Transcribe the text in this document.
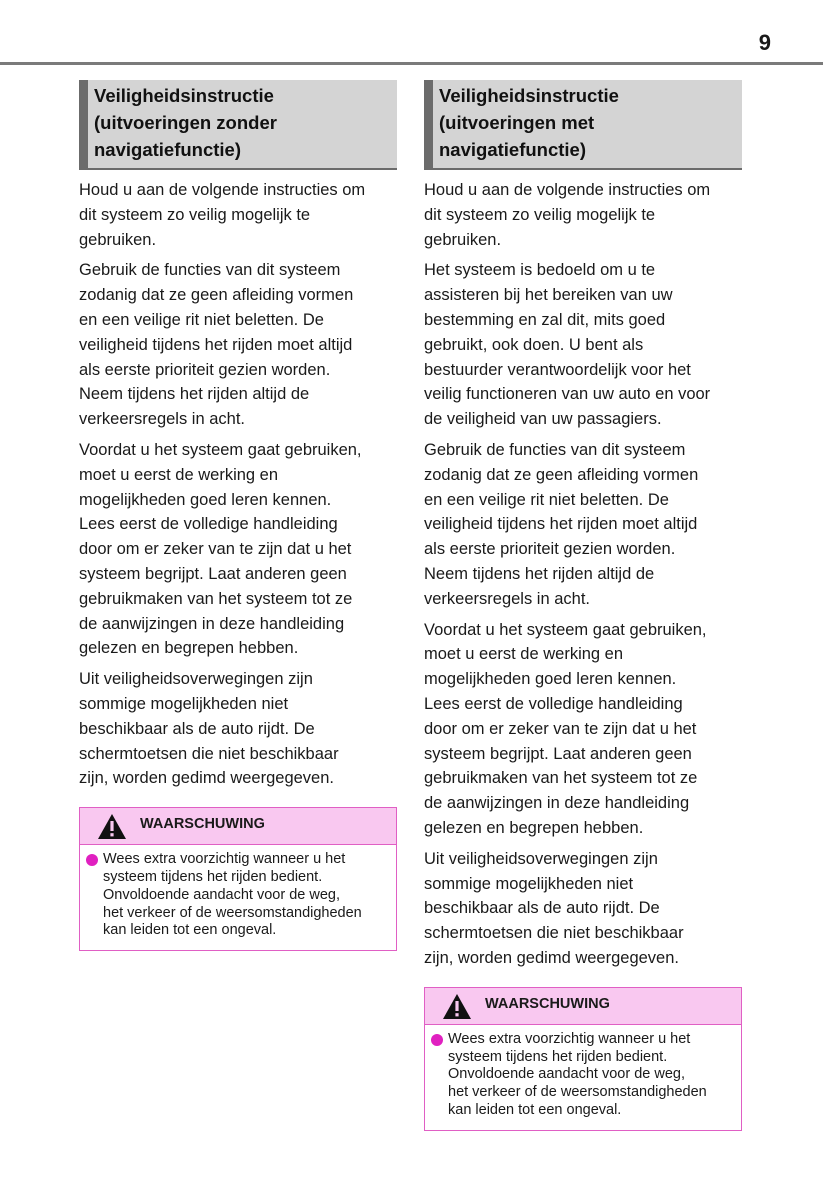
9
Veiligheidsinstructie
(uitvoeringen zonder
navigatiefunctie)

Houd u aan de volgende instructies om
dit systeem zo veilig mogelijk te
gebruiken.

Gebruik de functies van dit systeem
zodanig dat ze geen afleiding vormen
en een veilige rit niet beletten. De
veiligheid tijdens het rijden moet altijd
als eerste prioriteit gezien worden.
Neem tijdens het rijden altijd de
verkeersregels in acht.

Voordat u het systeem gaat gebruiken,
moet u eerst de werking en
mogelijkheden goed leren kennen.
Lees eerst de volledige handleiding
door om er zeker van te zijn dat u het
systeem begrijpt. Laat anderen geen
gebruikmaken van het systeem tot ze
de aanwijzingen in deze handleiding
gelezen en begrepen hebben.

Uit veiligheidsoverwegingen zijn
sommige mogelijkheden niet
beschikbaar als de auto rijdt. De
schermtoetsen die niet beschikbaar
zijn, worden gedimd weergegeven.

WAARSCHUWING
Wees extra voorzichtig wanneer u het
systeem tijdens het rijden bedient.
Onvoldoende aandacht voor de weg,
het verkeer of de weersomstandigheden
kan leiden tot een ongeval.
Veiligheidsinstructie
(uitvoeringen met
navigatiefunctie)

Houd u aan de volgende instructies om
dit systeem zo veilig mogelijk te
gebruiken.

Het systeem is bedoeld om u te
assisteren bij het bereiken van uw
bestemming en zal dit, mits goed
gebruikt, ook doen. U bent als
bestuurder verantwoordelijk voor het
veilig functioneren van uw auto en voor
de veiligheid van uw passagiers.

Gebruik de functies van dit systeem
zodanig dat ze geen afleiding vormen
en een veilige rit niet beletten. De
veiligheid tijdens het rijden moet altijd
als eerste prioriteit gezien worden.
Neem tijdens het rijden altijd de
verkeersregels in acht.

Voordat u het systeem gaat gebruiken,
moet u eerst de werking en
mogelijkheden goed leren kennen.
Lees eerst de volledige handleiding
door om er zeker van te zijn dat u het
systeem begrijpt. Laat anderen geen
gebruikmaken van het systeem tot ze
de aanwijzingen in deze handleiding
gelezen en begrepen hebben.

Uit veiligheidsoverwegingen zijn
sommige mogelijkheden niet
beschikbaar als de auto rijdt. De
schermtoetsen die niet beschikbaar
zijn, worden gedimd weergegeven.

WAARSCHUWING
Wees extra voorzichtig wanneer u het
systeem tijdens het rijden bedient.
Onvoldoende aandacht voor de weg,
het verkeer of de weersomstandigheden
kan leiden tot een ongeval.
